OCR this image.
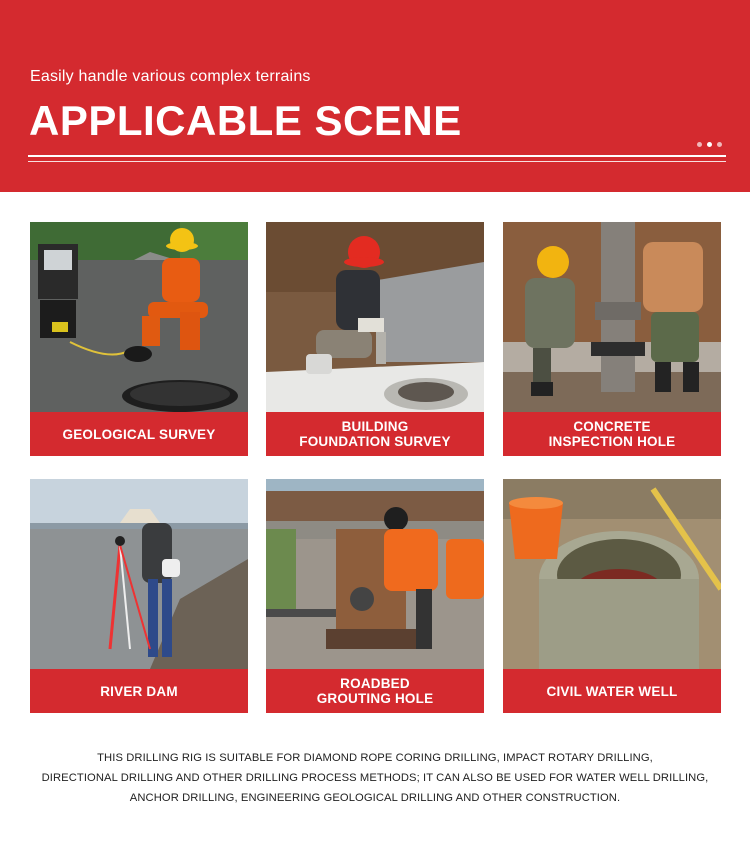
Easily handle various complex terrains
APPLICABLE SCENE
GEOLOGICAL SURVEY	BUILDING
FOUNDATION SURVEY
CONCRETE
INSPECTION HOLE
RIVER DAM	ROADBED
GROUTING HOLE	CIVIL WATER WELL
THIS DRILLING RIG IS SUITABLE FOR DIAMOND ROPE CORING DRILLING, IMPACT ROTARY DRILLING,
DIRECTIONAL DRILLING AND OTHER DRILLING PROCESS METHODS; IT CAN ALSO BE USED FOR WATER WELL DRILLING,
ANCHOR DRILLING, ENGINEERING GEOLOGICAL DRILLING AND OTHER CONSTRUCTION.
